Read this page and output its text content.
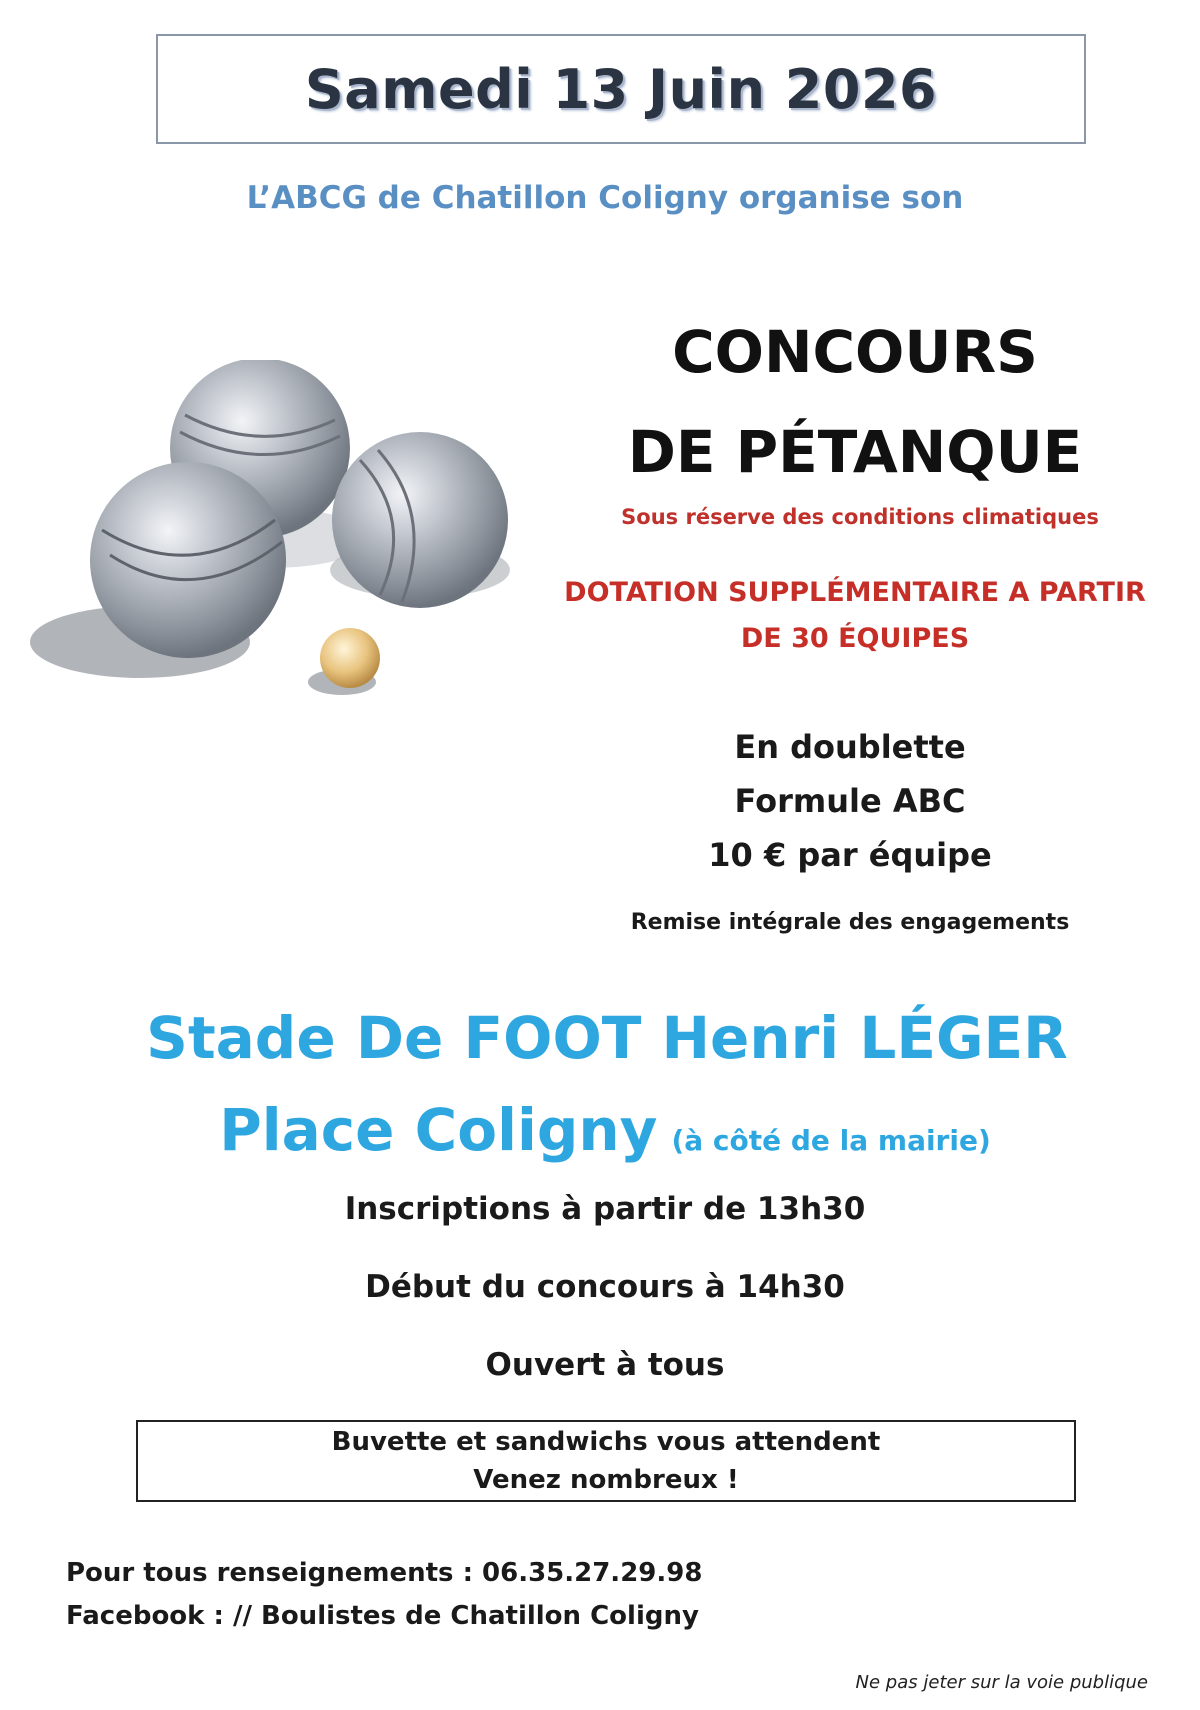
Samedi 13 Juin 2026
L’ABCG de Chatillon Coligny organise son
CONCOURS
DE PÉTANQUE
Sous réserve des conditions climatiques
DOTATION SUPPLÉMENTAIRE A PARTIR
DE 30 ÉQUIPES
En doublette
Formule ABC
10 € par équipe
Remise intégrale des engagements
Stade De FOOT Henri LÉGER
Place Coligny (à côté de la mairie)
Inscriptions à partir de 13h30
Début du concours à 14h30
Ouvert à tous
Buvette et sandwichs vous attendent
Venez nombreux !
Pour tous renseignements : 06.35.27.29.98
Facebook : // Boulistes de Chatillon Coligny
Ne pas jeter sur la voie publique
